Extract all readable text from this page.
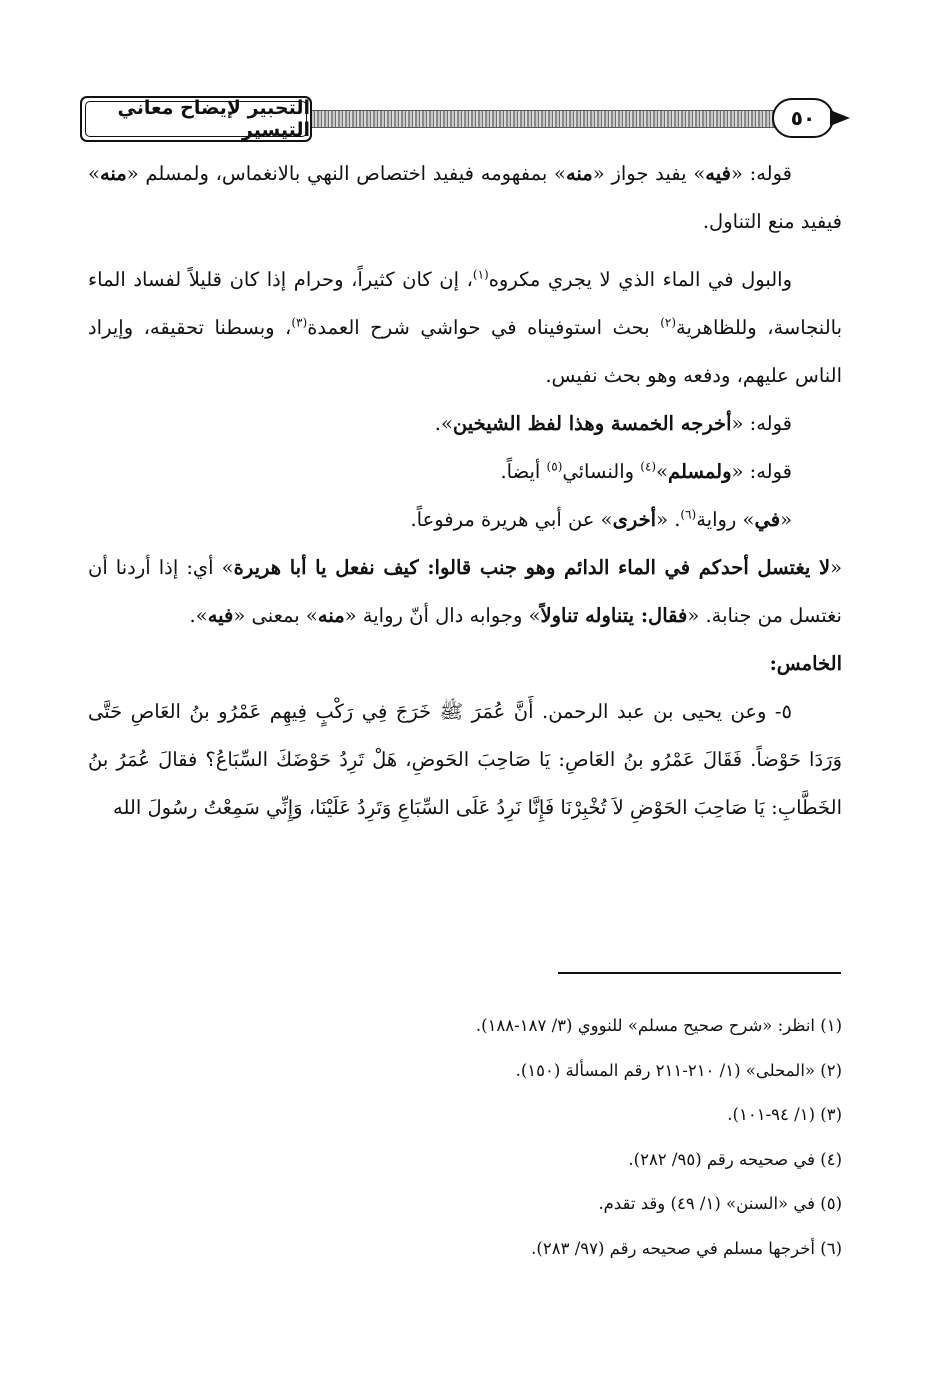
التحبير لإيضاح معاني التيسير	٥٠

قوله: «فيه» يفيد جواز «منه» بمفهومه فيفيد اختصاص النهي بالانغماس، ولمسلم «منه» فيفيد منع التناول.

والبول في الماء الذي لا يجري مكروه$^{(١)}$، إن كان كثيراً، وحرام إذا كان قليلاً لفساد الماء بالنجاسة، وللظاهرية$^{(٢)}$ بحث استوفيناه في حواشي شرح العمدة$^{(٣)}$، وبسطنا تحقيقه، وإيراد الناس عليهم، ودفعه وهو بحث نفيس.

قوله: «أخرجه الخمسة وهذا لفظ الشيخين».

قوله: «ولمسلم»$^{(٤)}$ والنسائي$^{(٥)}$ أيضاً.

«في» رواية$^{(٦)}$. «أخرى» عن أبي هريرة مرفوعاً.

«لا يغتسل أحدكم في الماء الدائم وهو جنب قالوا: كيف نفعل يا أبا هريرة» أي: إذا أردنا أن نغتسل من جنابة. «فقال: يتناوله تناولاً» وجوابه دال أنّ رواية «منه» بمعنى «فيه».

الخامس:

٥- وعن يحيى بن عبد الرحمن. أَنَّ عُمَرَ ﷺ خَرَجَ فِي رَكْبٍ فِيهِم عَمْرُو بنُ العَاصِ حَتَّى وَرَدَا حَوْضاً. فَقَالَ عَمْرُو بنُ العَاصِ: يَا صَاحِبَ الحَوضِ، هَلْ تَرِدُ حَوْضَكَ السِّبَاعُ؟ فقالَ عُمَرُ بنُ الخَطَّابِ: يَا صَاحِبَ الحَوْضِ لاَ تُخْبِرْنَا فَإِنَّا نَرِدُ عَلَى السِّبَاعِ وَتَرِدُ عَلَيْنَا، وَإِنِّي سَمِعْتُ رسُولَ الله

(١) انظر: «شرح صحيح مسلم» للنووي (٣/ ١٨٧-١٨٨).

(٢) «المحلى» (١/ ٢١٠-٢١١ رقم المسألة (١٥٠).

(٣) (١/ ٩٤-١٠١).

(٤) في صحيحه رقم (٩٥/ ٢٨٢).

(٥) في «السنن» (١/ ٤٩) وقد تقدم.

(٦) أخرجها مسلم في صحيحه رقم (٩٧/ ٢٨٣).
